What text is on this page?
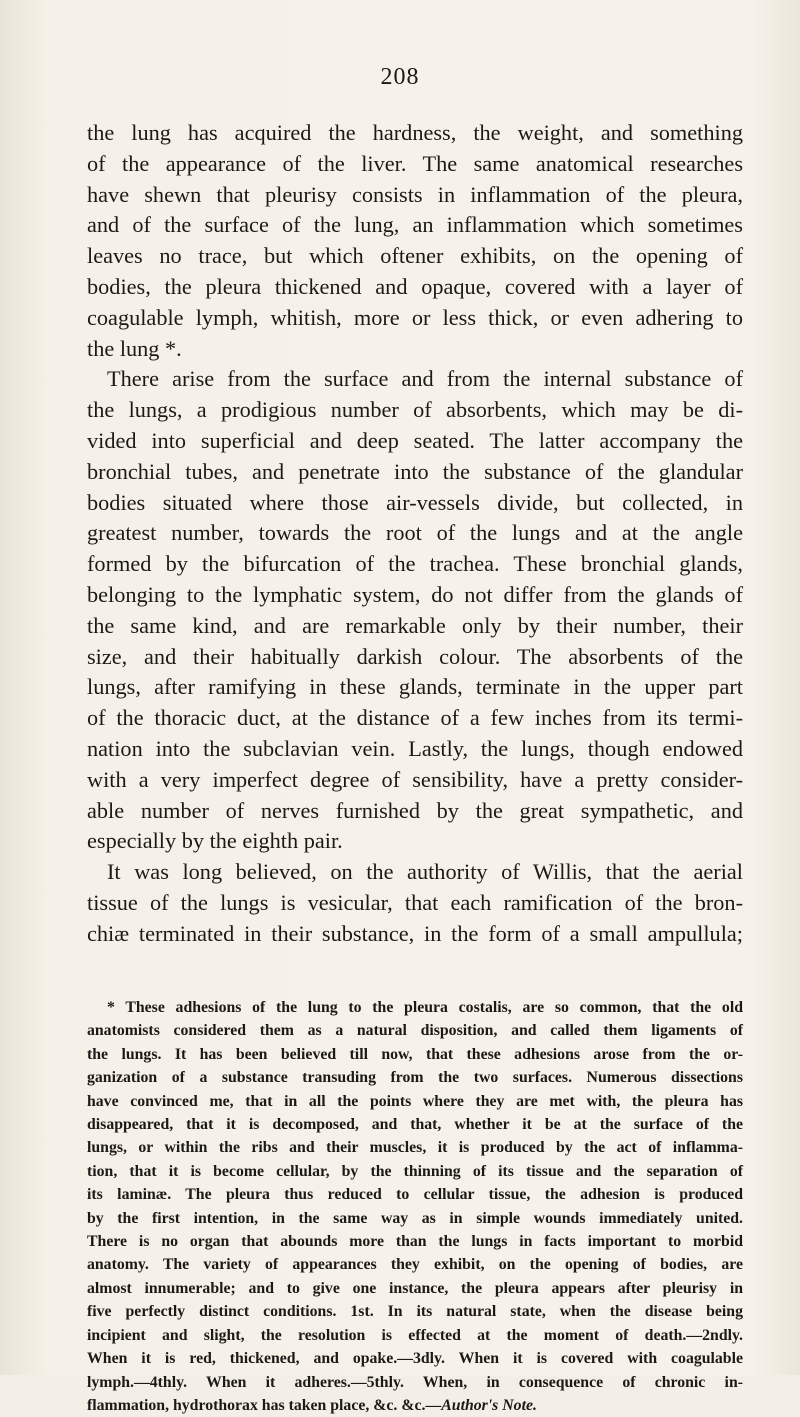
208
the lung has acquired the hardness, the weight, and something
of the appearance of the liver. The same anatomical researches
have shewn that pleurisy consists in inflammation of the pleura,
and of the surface of the lung, an inflammation which sometimes
leaves no trace, but which oftener exhibits, on the opening of
bodies, the pleura thickened and opaque, covered with a layer of
coagulable lymph, whitish, more or less thick, or even adhering to
the lung *.
There arise from the surface and from the internal substance of
the lungs, a prodigious number of absorbents, which may be di-
vided into superficial and deep seated. The latter accompany the
bronchial tubes, and penetrate into the substance of the glandular
bodies situated where those air-vessels divide, but collected, in
greatest number, towards the root of the lungs and at the angle
formed by the bifurcation of the trachea. These bronchial glands,
belonging to the lymphatic system, do not differ from the glands of
the same kind, and are remarkable only by their number, their
size, and their habitually darkish colour. The absorbents of the
lungs, after ramifying in these glands, terminate in the upper part
of the thoracic duct, at the distance of a few inches from its termi-
nation into the subclavian vein. Lastly, the lungs, though endowed
with a very imperfect degree of sensibility, have a pretty consider-
able number of nerves furnished by the great sympathetic, and
especially by the eighth pair.
It was long believed, on the authority of Willis, that the aerial
tissue of the lungs is vesicular, that each ramification of the bron-
chiæ terminated in their substance, in the form of a small ampullula;
* These adhesions of the lung to the pleura costalis, are so common, that the old
anatomists considered them as a natural disposition, and called them ligaments of
the lungs. It has been believed till now, that these adhesions arose from the or-
ganization of a substance transuding from the two surfaces. Numerous dissections
have convinced me, that in all the points where they are met with, the pleura has
disappeared, that it is decomposed, and that, whether it be at the surface of the
lungs, or within the ribs and their muscles, it is produced by the act of inflamma-
tion, that it is become cellular, by the thinning of its tissue and the separation of
its laminæ. The pleura thus reduced to cellular tissue, the adhesion is produced
by the first intention, in the same way as in simple wounds immediately united.
There is no organ that abounds more than the lungs in facts important to morbid
anatomy. The variety of appearances they exhibit, on the opening of bodies, are
almost innumerable; and to give one instance, the pleura appears after pleurisy in
five perfectly distinct conditions. 1st. In its natural state, when the disease being
incipient and slight, the resolution is effected at the moment of death.—2ndly.
When it is red, thickened, and opake.—3dly. When it is covered with coagulable
lymph.—4thly. When it adheres.—5thly. When, in consequence of chronic in-
flammation, hydrothorax has taken place, &c. &c.—Author's Note.
